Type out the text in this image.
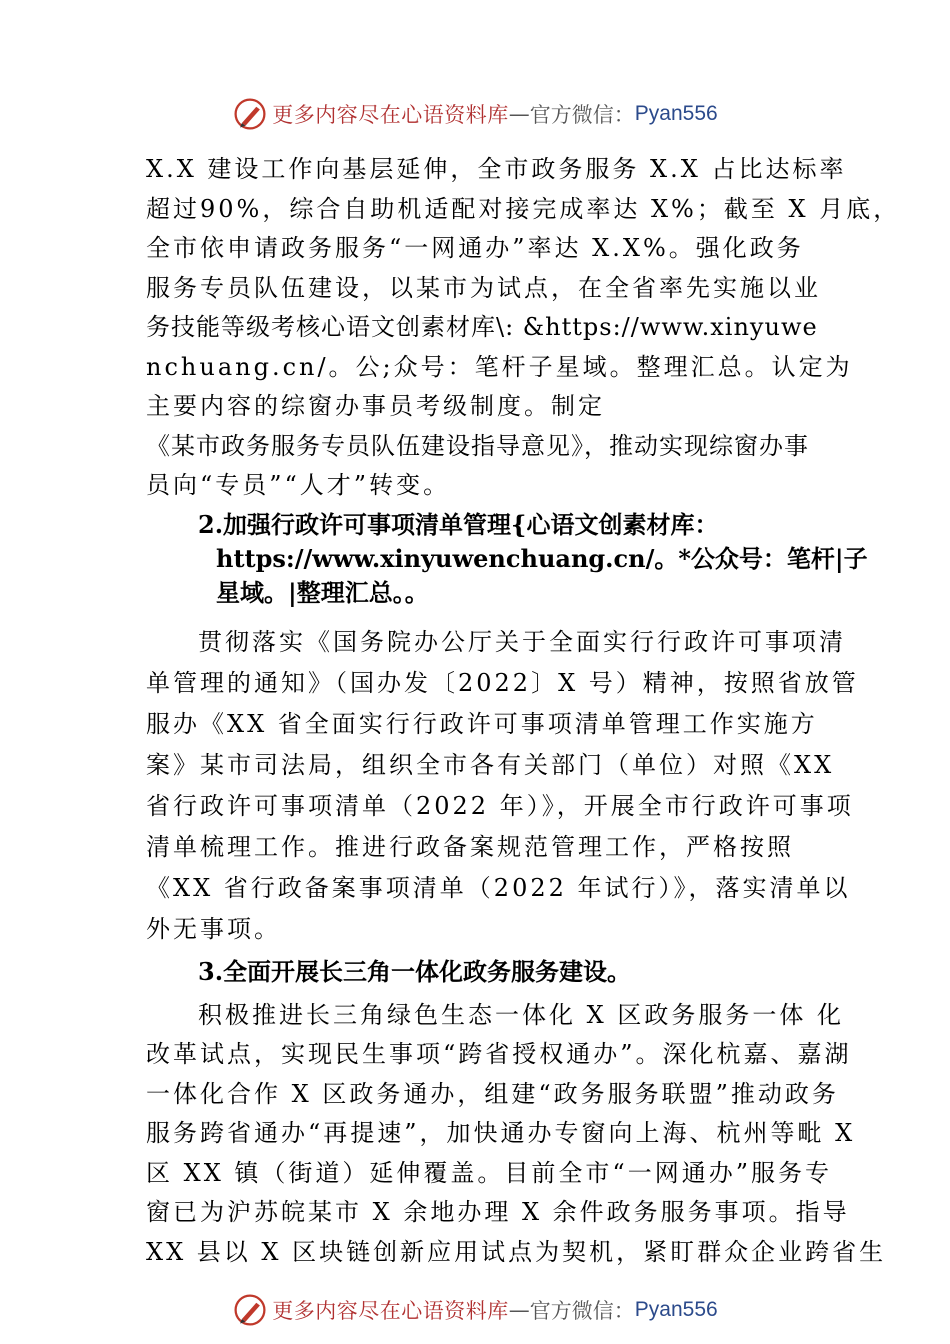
更多内容尽在心语资料库 — 官方微信： Pyan556
X.X 建设工作向基层延伸，全市政务服务 X.X 占比达标率
超过90%，综合自助机适配对接完成率达 X%；截至 X 月底，
全市依申请政务服务“一网通办”率达 X.X%。强化政务
服务专员队伍建设，以某市为试点，在全省率先实施以业
务技能等级考核心语文创素材库\: &https://www.xinyuwe
nchuang.cn/。公;众号：笔杆子星域。整理汇总。认定为
主要内容的综窗办事员考级制度。制定
《某市政务服务专员队伍建设指导意见》，推动实现综窗办事
员向“专员”“人才”转变。
2.加强行政许可事项清单管理{心语文创素材库：
https://www.xinyuwenchuang.cn/。*公众号：笔杆|子
星域。|整理汇总。。
贯彻落实《国务院办公厅关于全面实行行政许可事项清
单管理的通知》（国办发〔2022〕X 号）精神，按照省放管
服办《XX 省全面实行行政许可事项清单管理工作实施方
案》某市司法局，组织全市各有关部门（单位）对照《XX
省行政许可事项清单（2022 年）》，开展全市行政许可事项
清单梳理工作。推进行政备案规范管理工作，严格按照
《XX 省行政备案事项清单（2022 年试行）》，落实清单以
外无事项。
3.全面开展长三角一体化政务服务建设。
积极推进长三角绿色生态一体化 X 区政务服务一体 化
改革试点，实现民生事项“跨省授权通办”。深化杭嘉、嘉湖
一体化合作 X 区政务通办，组建“政务服务联盟”推动政务
服务跨省通办“再提速”，加快通办专窗向上海、杭州等毗 X
区 XX 镇（街道）延伸覆盖。目前全市“一网通办”服务专
窗已为沪苏皖某市 X 余地办理 X 余件政务服务事项。指导
XX 县以 X 区块链创新应用试点为契机，紧盯群众企业跨省生
更多内容尽在心语资料库 — 官方微信： Pyan556
